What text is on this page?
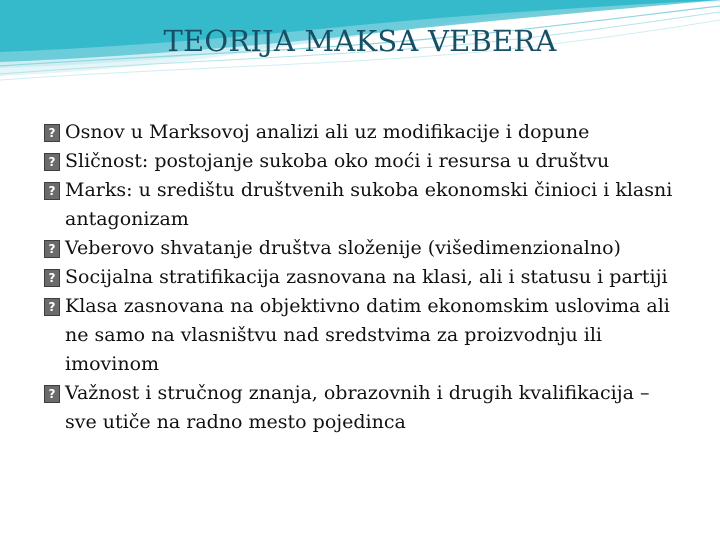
TEORIJA MAKSA VEBERA
? Osnov u Marksovoj analizi ali uz modifikacije i dopune
? Sličnost: postojanje sukoba oko moći i resursa u društvu
? Marks: u središtu društvenih sukoba ekonomski činioci i klasni antagonizam
? Veberovo shvatanje društva složenije (višedimenzionalno)
? Socijalna stratifikacija zasnovana na klasi, ali i statusu i partiji
? Klasa zasnovana na objektivno datim ekonomskim uslovima ali ne samo na vlasništvu nad sredstvima za proizvodnju ili imovinom
? Važnost i stručnog znanja, obrazovnih i drugih kvalifikacija – sve utiče na radno mesto pojedinca
